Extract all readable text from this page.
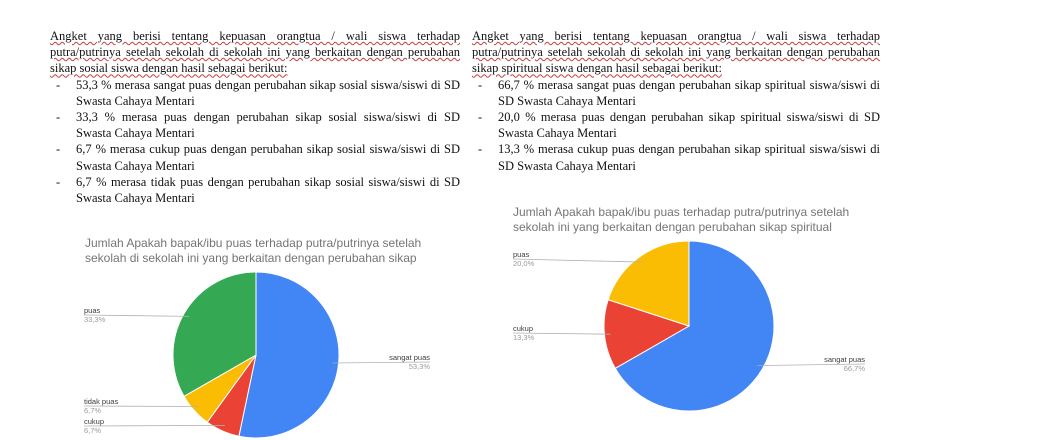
Angket yang berisi tentang kepuasan orangtua / wali siswa terhadap putra/putrinya setelah sekolah di sekolah ini yang berkaitan dengan perubahan sikap sosial siswa dengan hasil sebagai berikut:

- 53,3 % merasa sangat puas dengan perubahan sikap sosial siswa/siswi di SD Swasta Cahaya Mentari
- 33,3 % merasa puas dengan perubahan sikap sosial siswa/siswi di SD Swasta Cahaya Mentari
- 6,7 % merasa cukup puas dengan perubahan sikap sosial siswa/siswi di SD Swasta Cahaya Mentari
- 6,7 % merasa tidak puas dengan perubahan sikap sosial siswa/siswi di SD Swasta Cahaya Mentari

Angket yang berisi tentang kepuasan orangtua / wali siswa terhadap putra/putrinya setelah sekolah di sekolah ini yang berkaitan dengan perubahan sikap spiritual siswa dengan hasil sebagai berikut:

- 66,7 % merasa sangat puas dengan perubahan sikap spiritual siswa/siswi di SD Swasta Cahaya Mentari
- 20,0 % merasa puas dengan perubahan sikap spiritual siswa/siswi di SD Swasta Cahaya Mentari
- 13,3 % merasa cukup puas dengan perubahan sikap spiritual siswa/siswi di SD Swasta Cahaya Mentari

Jumlah Apakah bapak/ibu puas terhadap putra/putrinya setelah sekolah di sekolah ini yang berkaitan dengan perubahan sikap

Jumlah Apakah bapak/ibu puas terhadap putra/putrinya setelah sekolah ini yang berkaitan dengan perubahan sikap spiritual

sangat puas
53,3%
cukup
6,7%
tidak puas
6,7%
puas
33,3%
sangat puas
66,7%
cukup
13,3%
puas
20,0%
